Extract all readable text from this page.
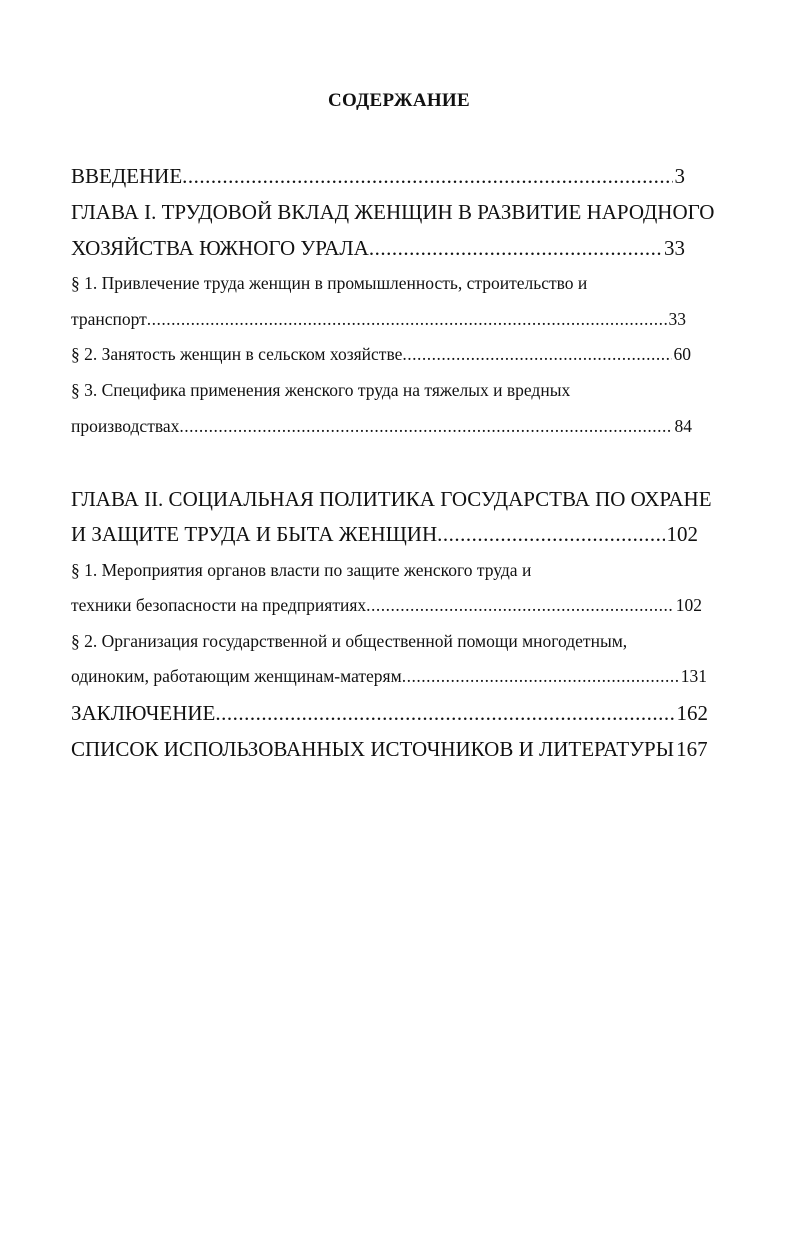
СОДЕРЖАНИЕ
ВВЕДЕНИЕ .....	3
ГЛАВА I. ТРУДОВОЙ ВКЛАД ЖЕНЩИН В РАЗВИТИЕ НАРОДНОГО
ХОЗЯЙСТВА ЮЖНОГО УРАЛА .....	33
§ 1. Привлечение труда женщин в промышленность, строительство и
транспорт .....	33
§ 2. Занятость женщин в сельском хозяйстве .....	60
§ 3. Специфика применения женского труда на тяжелых и вредных
производствах .....	84
ГЛАВА II. СОЦИАЛЬНАЯ ПОЛИТИКА ГОСУДАРСТВА ПО ОХРАНЕ
И ЗАЩИТЕ ТРУДА И БЫТА ЖЕНЩИН .....	102
§ 1. Мероприятия органов власти по защите женского труда и
техники безопасности на предприятиях .....	102
§ 2. Организация государственной и общественной помощи многодетным,
одиноким, работающим женщинам-матерям .....	131
ЗАКЛЮЧЕНИЕ .....	162
СПИСОК ИСПОЛЬЗОВАННЫХ ИСТОЧНИКОВ И ЛИТЕРАТУРЫ 167
